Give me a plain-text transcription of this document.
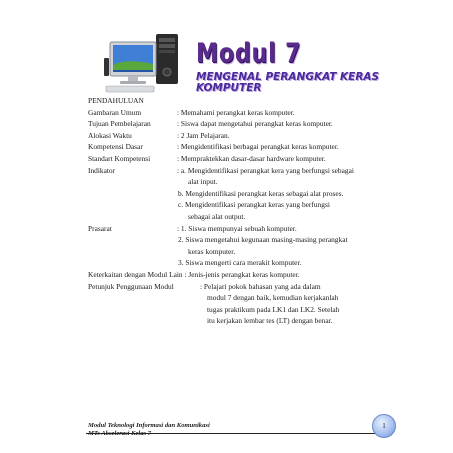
Modul 7
MENGENAL PERANGKAT KERAS
KOMPUTER
PENDAHULUAN
Gambaran Umum	: Memahami perangkat keras komputer.
Tujuan Pembelajaran	: Siswa dapat mengetahui perangkat keras komputer.
Alokasi Waktu	: 2 Jam Pelajaran.
Kompetensi Dasar	: Mengidentifikasi berbagai perangkat keras komputer.
Standart Kompetensi	: Mempraktekkan dasar-dasar hardware komputer.
Indikator	: a. Mengidentifikasi perangkat kera yang berfungsi sebagai
alat input.
b. Mengidentifikasi perangkat keras sebagai alat proses.
c. Mengidentifikasi perangkat keras yang berfungsi
sebagai alat output.
Prasarat	: 1. Siswa mempunyai sebuah komputer.
2. Siswa mengetahui kegunaan masing-masing perangkat
keras komputer.
3. Siswa mengerti cara merakit komputer.
Keterkaitan dengan Modul Lain : Jenis-jenis perangkat keras komputer.
Petunjuk Penggunaan Modul	: Pelajari pokok bahasan yang ada dalam
modul 7 dengan baik, kemudian kerjakanlah
tugas praktikum pada LK1 dan LK2. Setelah
itu kerjakan lembar tes (LT) dengan benar.
Modul Teknologi Informasi dan Komunikasi	1
